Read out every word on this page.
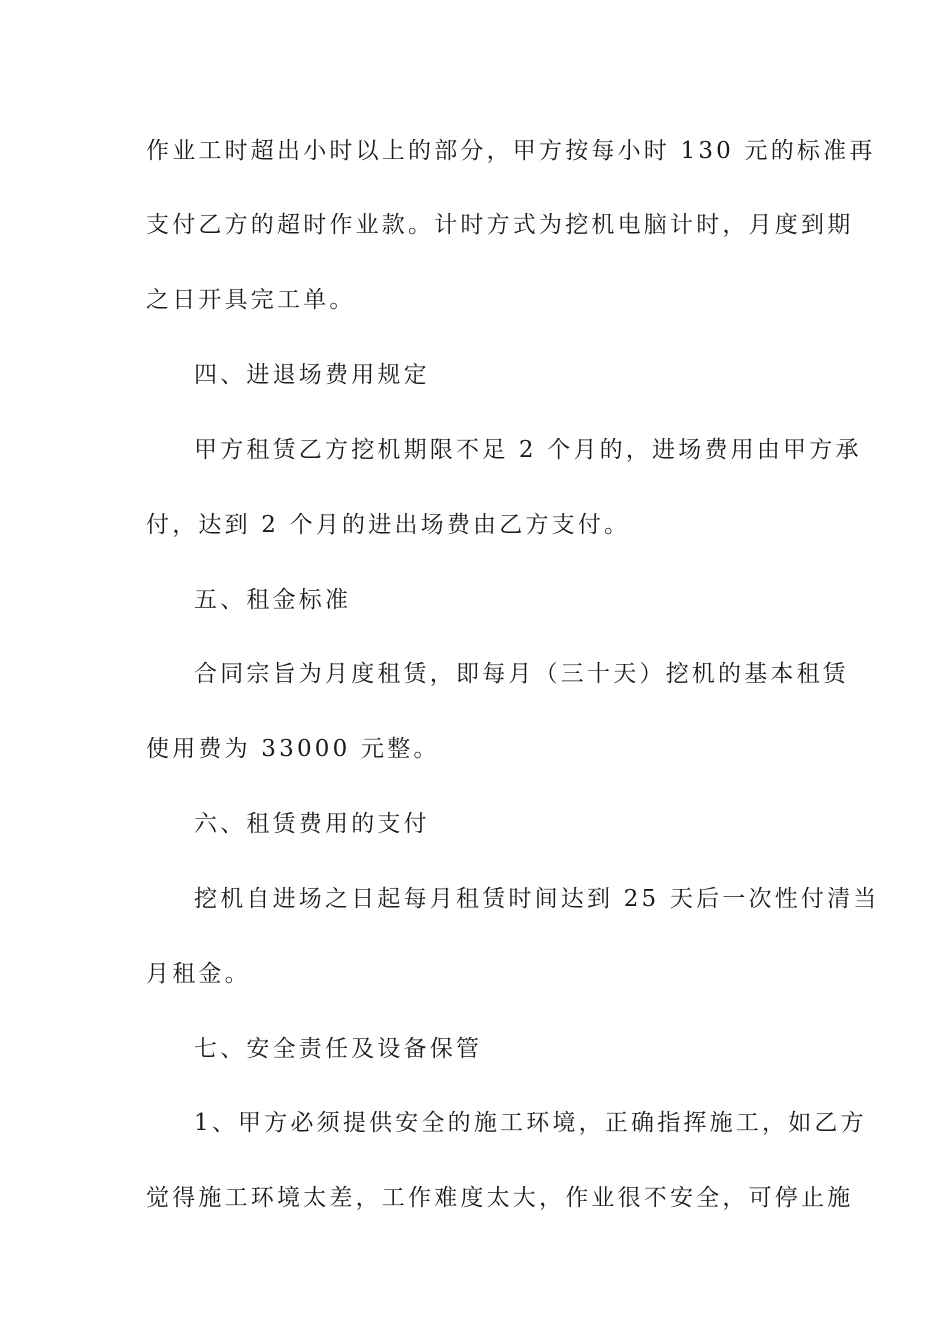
作业工时超出小时以上的部分，甲方按每小时 130 元的标准再
支付乙方的超时作业款。计时方式为挖机电脑计时，月度到期
之日开具完工单。
四、进退场费用规定
甲方租赁乙方挖机期限不足 2 个月的，进场费用由甲方承
付，达到 2 个月的进出场费由乙方支付。
五、租金标准
合同宗旨为月度租赁，即每月（三十天）挖机的基本租赁
使用费为 33000 元整。
六、租赁费用的支付
挖机自进场之日起每月租赁时间达到 25 天后一次性付清当
月租金。
七、安全责任及设备保管
1、甲方必须提供安全的施工环境，正确指挥施工，如乙方
觉得施工环境太差，工作难度太大，作业很不安全，可停止施
